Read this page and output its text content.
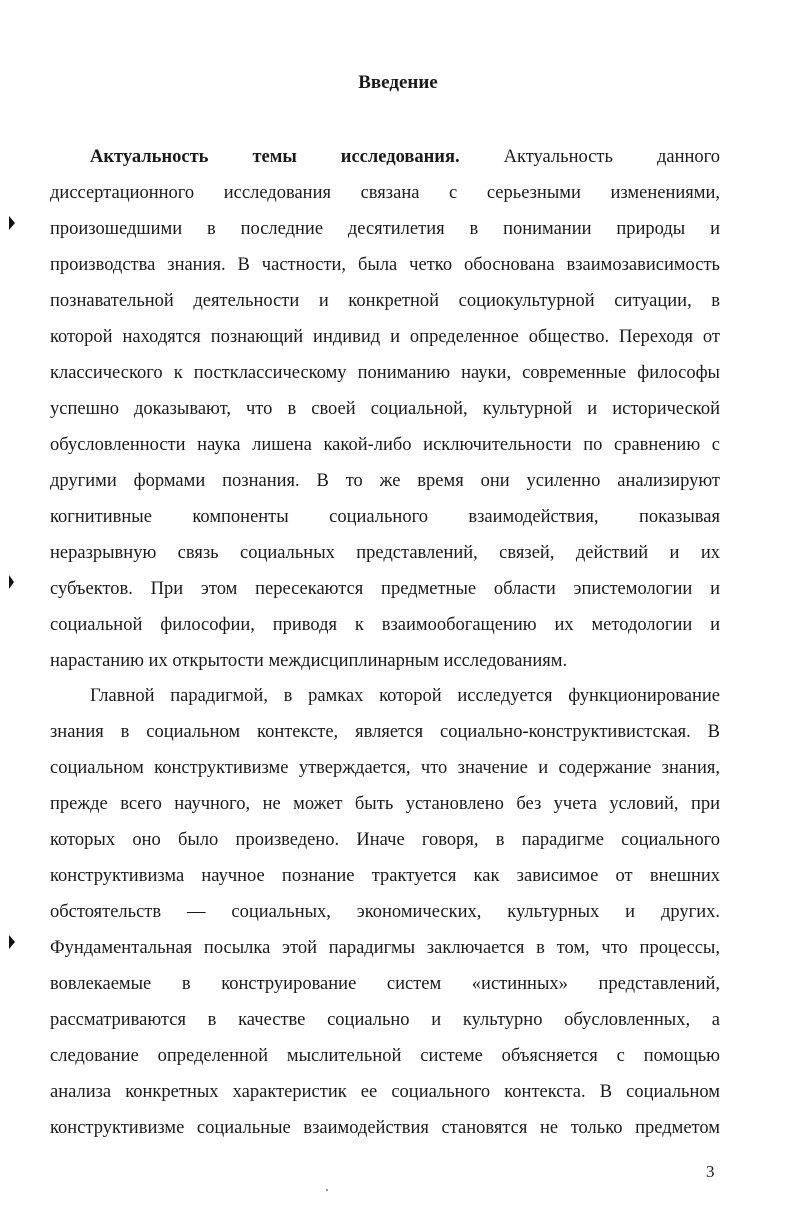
Введение
Актуальность темы исследования. Актуальность данного
диссертационного исследования связана с серьезными изменениями,
произошедшими в последние десятилетия в понимании природы и
производства знания. В частности, была четко обоснована взаимозависимость
познавательной деятельности и конкретной социокультурной ситуации, в
которой находятся познающий индивид и определенное общество. Переходя от
классического к постклассическому пониманию науки, современные философы
успешно доказывают, что в своей социальной, культурной и исторической
обусловленности наука лишена какой-либо исключительности по сравнению с
другими формами познания. В то же время они усиленно анализируют
когнитивные компоненты социального взаимодействия, показывая
неразрывную связь социальных представлений, связей, действий и их
субъектов. При этом пересекаются предметные области эпистемологии и
социальной философии, приводя к взаимообогащению их методологии и
нарастанию их открытости междисциплинарным исследованиям.
Главной парадигмой, в рамках которой исследуется функционирование
знания в социальном контексте, является социально-конструктивистская. В
социальном конструктивизме утверждается, что значение и содержание знания,
прежде всего научного, не может быть установлено без учета условий, при
которых оно было произведено. Иначе говоря, в парадигме социального
конструктивизма научное познание трактуется как зависимое от внешних
обстоятельств — социальных, экономических, культурных и других.
Фундаментальная посылка этой парадигмы заключается в том, что процессы,
вовлекаемые в конструирование систем «истинных» представлений,
рассматриваются в качестве социально и культурно обусловленных, а
следование определенной мыслительной системе объясняется с помощью
анализа конкретных характеристик ее социального контекста. В социальном
конструктивизме социальные взаимодействия становятся не только предметом
3
